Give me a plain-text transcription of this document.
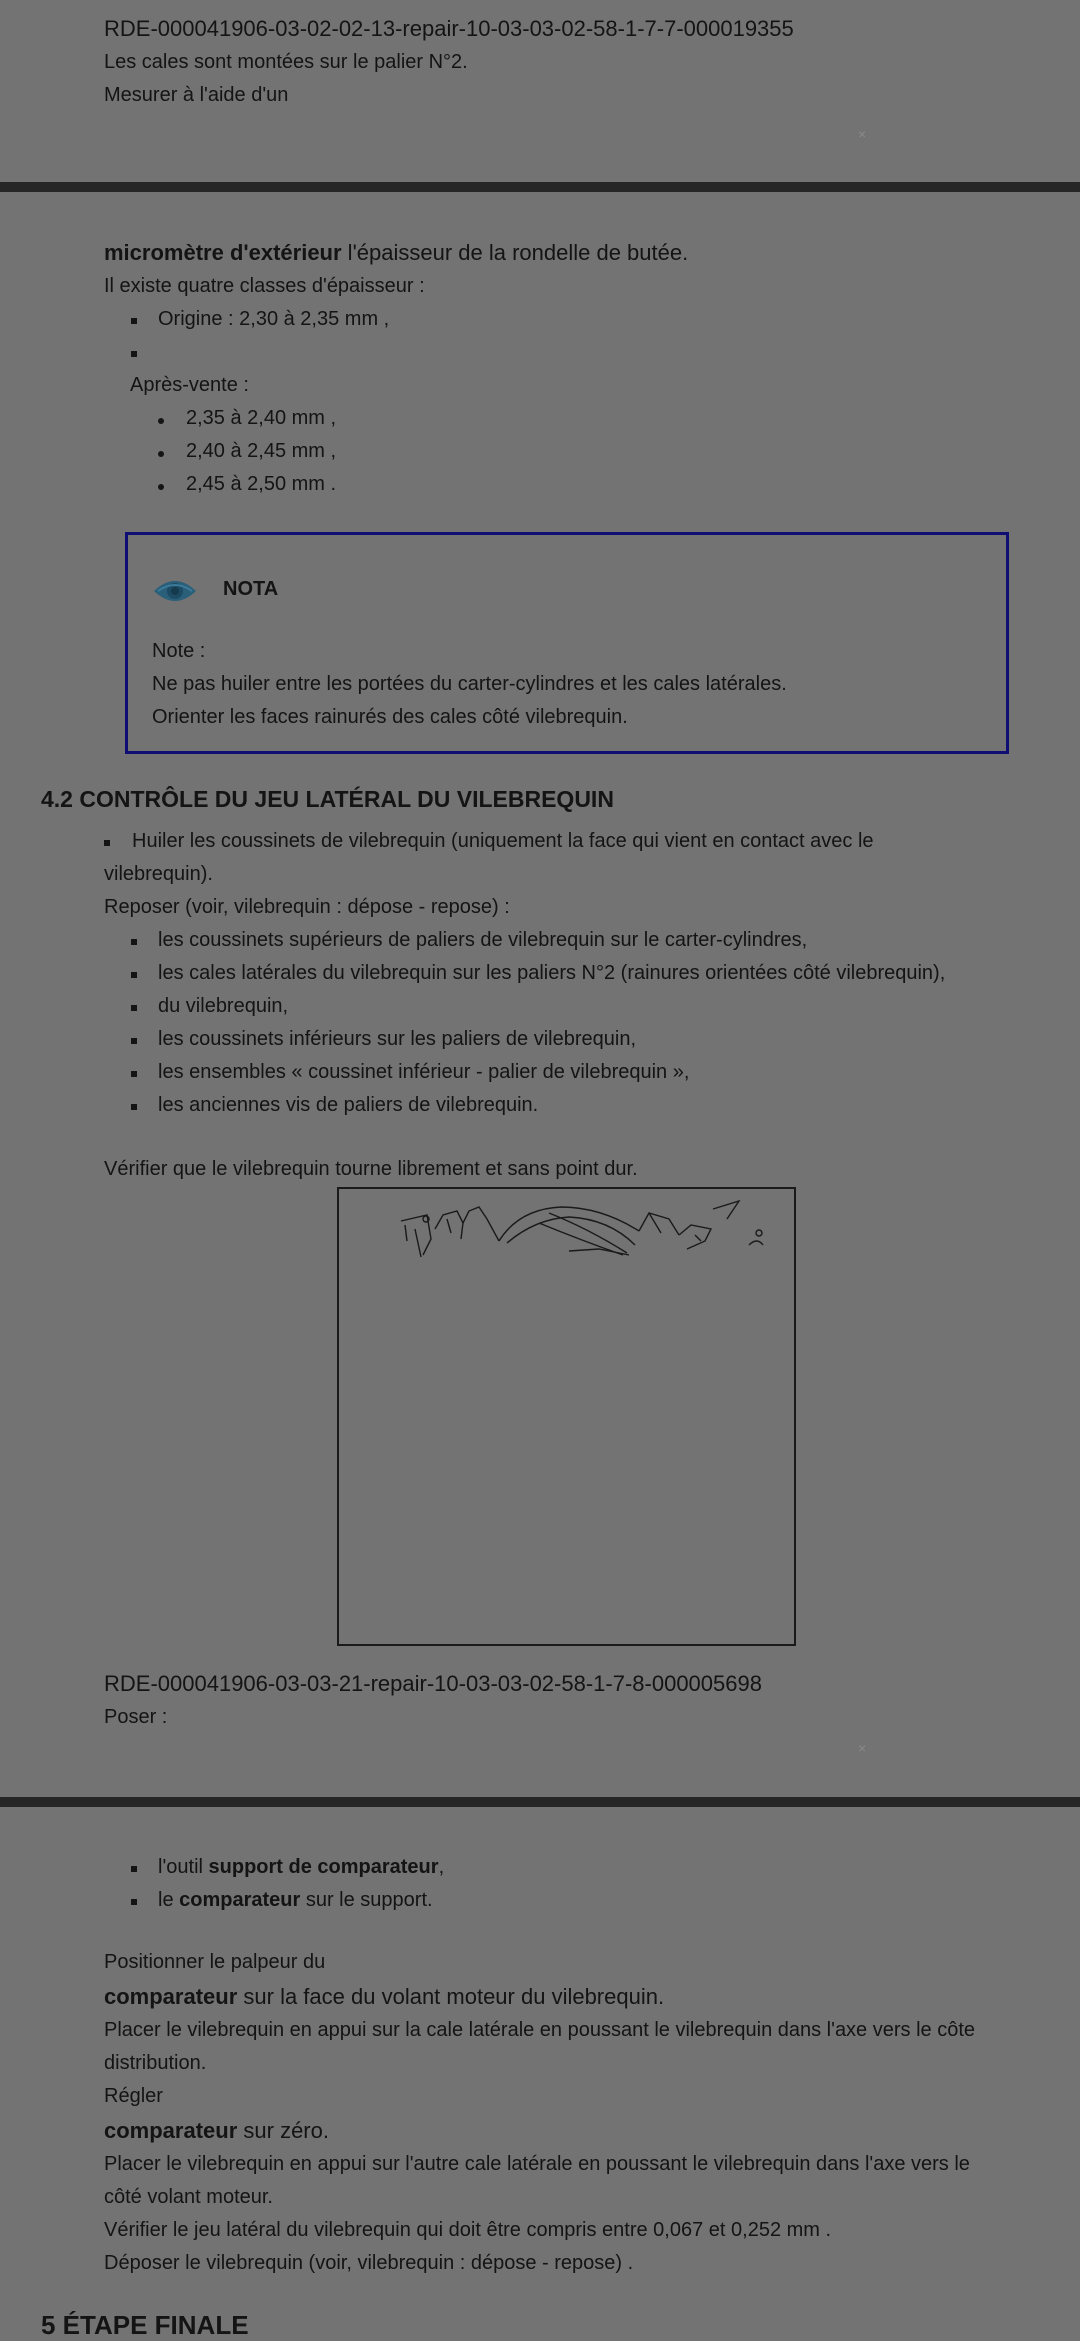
RDE-000041906-03-02-02-13-repair-10-03-03-02-58-1-7-7-000019355
Les cales sont montées sur le palier N°2.
Mesurer à l'aide d'un
×
micromètre d'extérieur l'épaisseur de la rondelle de butée.
Il existe quatre classes d'épaisseur :
Origine : 2,30 à 2,35 mm ,
Après-vente :
2,35 à 2,40 mm ,
2,40 à 2,45 mm ,
2,45 à 2,50 mm .
NOTA
Note :
Ne pas huiler entre les portées du carter-cylindres et les cales latérales.
Orienter les faces rainurés des cales côté vilebrequin.
4.2 CONTRÔLE DU JEU LATÉRAL DU VILEBREQUIN
Huiler les coussinets de vilebrequin (uniquement la face qui vient en contact avec le
vilebrequin).
Reposer (voir, vilebrequin : dépose - repose) :
les coussinets supérieurs de paliers de vilebrequin sur le carter-cylindres,
les cales latérales du vilebrequin sur les paliers N°2 (rainures orientées côté vilebrequin),
du vilebrequin,
les coussinets inférieurs sur les paliers de vilebrequin,
les ensembles « coussinet inférieur - palier de vilebrequin »,
les anciennes vis de paliers de vilebrequin.
Vérifier que le vilebrequin tourne librement et sans point dur.
RDE-000041906-03-03-21-repair-10-03-03-02-58-1-7-8-000005698
Poser :
×
l'outil support de comparateur,
le comparateur sur le support.
Positionner le palpeur du
comparateur sur la face du volant moteur du vilebrequin.
Placer le vilebrequin en appui sur la cale latérale en poussant le vilebrequin dans l'axe vers le côte
distribution.
Régler
comparateur sur zéro.
Placer le vilebrequin en appui sur l'autre cale latérale en poussant le vilebrequin dans l'axe vers le
côté volant moteur.
Vérifier le jeu latéral du vilebrequin qui doit être compris entre 0,067 et 0,252 mm .
Déposer le vilebrequin (voir, vilebrequin : dépose - repose) .
5 ÉTAPE FINALE
